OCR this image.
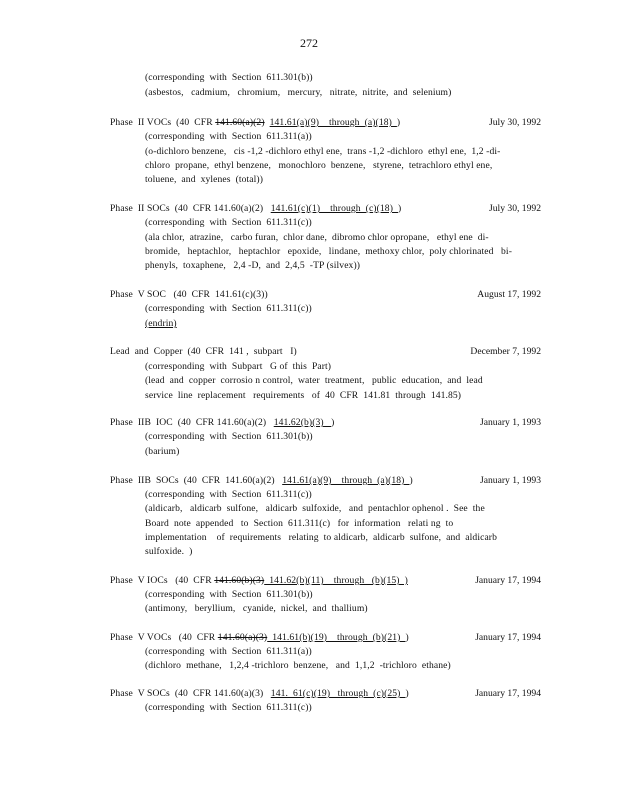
272
(corresponding  with  Section  611.301(b))
(asbestos,   cadmium,   chromium,   mercury,   nitrate,  nitrite,  and  selenium)
Phase  II VOCs  (40  CFR 141.60(a)(2) 141.61(a)(9)    through  (a)(18)  )	July 30, 1992
(corresponding  with  Section  611.311(a))
(o-dichloro benzene,   cis -1,2 -dichloro ethyl ene,  trans -1,2 -dichloro  ethyl ene,  1,2 -di-
chloro  propane,  ethyl benzene,   monochloro  benzene,   styrene,  tetrachloro ethyl ene,
toluene,  and  xylenes  (total))
Phase  II SOCs  (40  CFR 141.60(a)(2)   141.61(c)(1)    through  (c)(18)  )	July 30, 1992
(corresponding  with  Section  611.311(c))
(ala chlor,  atrazine,   carbo furan,  chlor dane,  dibromo chlor opropane,   ethyl ene  di-
bromide,   heptachlor,   heptachlor   epoxide,   lindane,  methoxy chlor,  poly chlorinated   bi-
phenyls,  toxaphene,   2,4 -D,  and  2,4,5  -TP (silvex))
Phase  V SOC   (40  CFR  141.61(c)(3))	August 17, 1992
(corresponding  with  Section  611.311(c))
(endrin)
Lead  and  Copper  (40  CFR  141 ,  subpart   I)	December 7, 1992
(corresponding  with  Subpart   G of  this  Part)
(lead  and  copper  corrosio n control,  water  treatment,   public  education,  and  lead
service  line  replacement   requirements   of  40  CFR  141.81  through  141.85)
Phase  IIB  IOC  (40  CFR 141.60(a)(2)   141.62(b)(3)   )	January 1, 1993
(corresponding  with  Section  611.301(b))
(barium)
Phase  IIB  SOCs  (40  CFR  141.60(a)(2)   141.61(a)(9)    through  (a)(18)  )	January 1, 1993
(corresponding  with  Section  611.311(c))
(aldicarb,   aldicarb  sulfone,   aldicarb  sulfoxide,   and  pentachlor ophenol .  See  the
Board  note  appended   to  Section  611.311(c)   for  information   relati ng  to
implementation    of  requirements   relating  to aldicarb,  aldicarb  sulfone,  and  aldicarb
sulfoxide.  )
Phase  V IOCs   (40  CFR 141.60(b)(3)  141.62(b)(11)    through   (b)(15)  )	January 17, 1994
(corresponding  with  Section  611.301(b))
(antimony,   beryllium,   cyanide,  nickel,  and  thallium)
Phase  V VOCs   (40  CFR 141.60(a)(3)  141.61(b)(19)    through  (b)(21)  )	January 17, 1994
(corresponding  with  Section  611.311(a))
(dichloro  methane,   1,2,4 -trichloro  benzene,   and  1,1,2  -trichloro  ethane)
Phase  V SOCs  (40  CFR 141.60(a)(3)   141.  61(c)(19)   through  (c)(25)  )	January 17, 1994
(corresponding  with  Section  611.311(c))
